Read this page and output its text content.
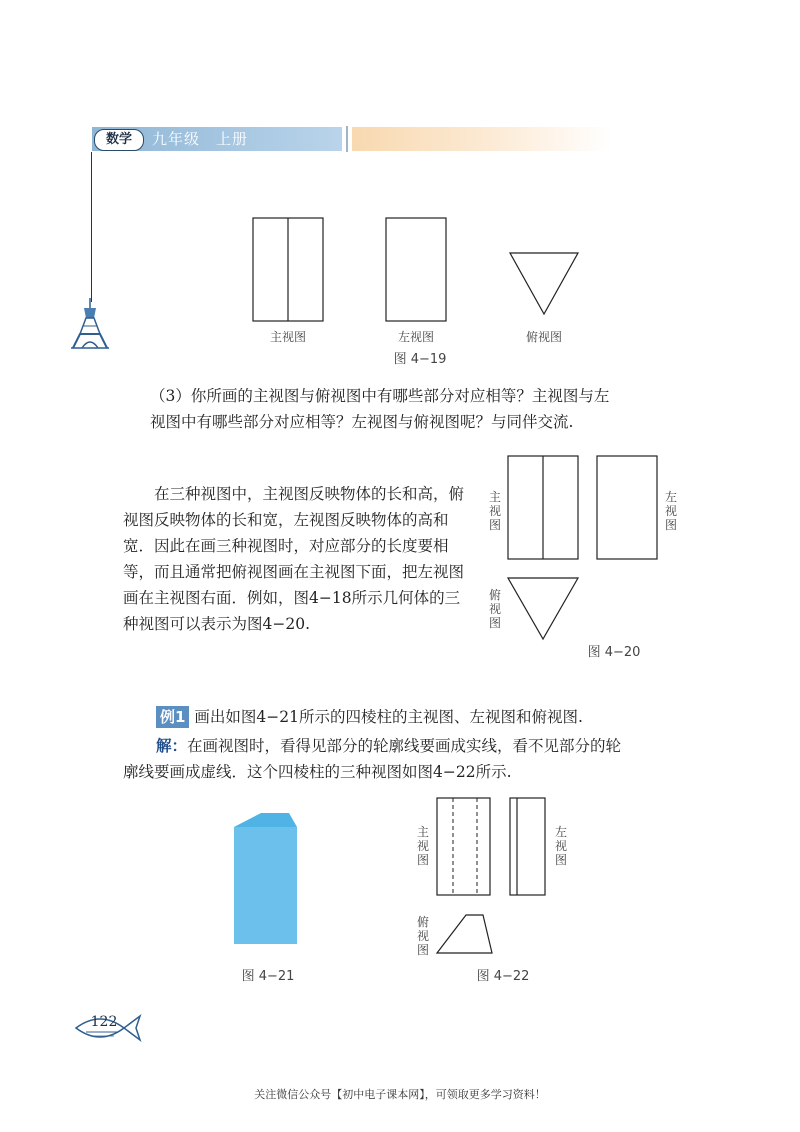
数学	九年级　上册
主视图	左视图	俯视图
图 4−19
（3）你所画的主视图与俯视图中有哪些部分对应相等？主视图与左视图中有哪些部分对应相等？左视图与俯视图呢？与同伴交流.
在三种视图中，主视图反映物体的长和高，俯视图反映物体的长和宽，左视图反映物体的高和宽．因此在画三种视图时，对应部分的长度要相等，而且通常把俯视图画在主视图下面，把左视图画在主视图右面．例如，图4−18所示几何体的三种视图可以表示为图4−20.
主视图
左视图
俯视图
图 4−20
例1 画出如图4−21所示的四棱柱的主视图、左视图和俯视图.
解：在画视图时，看得见部分的轮廓线要画成实线，看不见部分的轮廓线要画成虚线．这个四棱柱的三种视图如图4−22所示.
图 4−21
主视图
左视图
俯视图
图 4−22
122
关注微信公众号【初中电子课本网】，可领取更多学习资料！
